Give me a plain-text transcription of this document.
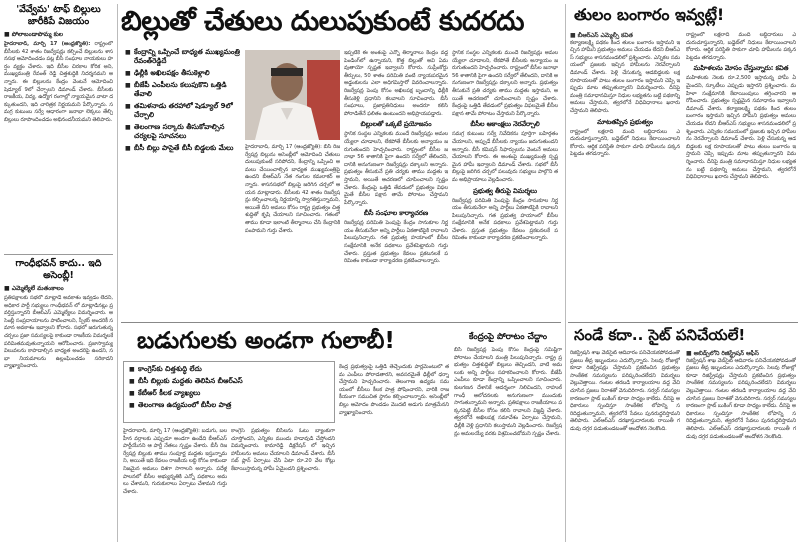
'వేవ్వేమ' టాఫ్ బిల్లులు జారీకిపే విజయం
■ పోలాబండాపొమ్మ కుల
హైదరాబాద్, మార్చి 17 (ఆంధ్రజ్యోతి): రాష్ట్రంలో బీసీలకు 42 శాతం రిజర్వేషన్లు కల్పించే బిల్లులను శాసనసభ ఆమోదించడం పట్ల బీసీ సంఘాల నాయకులు హర్షం వ్యక్తం చేశారు. ఇది బీసీల చిరకాల కోరిక అని, ముఖ్యమంత్రి రేవంత్ రెడ్డి చిత్తశుద్ధికి నిదర్శనమని అన్నారు. ఈ బిల్లులను కేంద్రం వెంటనే ఆమోదించి షెడ్యూల్ 9లో చేర్చాలని డిమాండ్ చేశారు. బీసీలకు రాజకీయ, విద్య, ఉద్యోగ రంగాల్లో న్యాయమైన వాటా దక్కుతుందని, ఇది చారిత్రక నిర్ణయమని పేర్కొన్నారు. సమగ్ర కుటుంబ సర్వే ఆధారంగా జనాభా లెక్కలు తేల్చి బిల్లులు రూపొందించడం అభినందనీయమని తెలిపారు.
గాంధీభవన్ కాదు.. ఇది అసెంబ్లీ!
■ ఎమ్మెల్యేలే మతంకాలం
ప్రతిపక్షాలకు సభలో మాట్లాడే అవకాశం ఇవ్వడం లేదని, అధికార పార్టీ సభ్యులు గాంధీభవన్ లో మాట్లాడినట్లు ప్రవర్తిస్తున్నారని బీఆర్ఎస్ ఎమ్మెల్యేలు విమర్శించారు. అసెంబ్లీ సంప్రదాయాలను పాటించాలని, స్పీకర్ అందరికీ సమాన అవకాశం ఇవ్వాలని కోరారు. సభలో జరుగుతున్న చర్చలు ప్రజా సమస్యలపై కాకుండా రాజకీయ విమర్శలకే పరిమితమవుతున్నాయని ఆరోపించారు. ప్రజాస్వామ్య విలువలను కాపాడాల్సిన బాధ్యత అందరిపై ఉందని, సభా నియమాలను ఉల్లంఘించడం సరికాదని వ్యాఖ్యానించారు.
బిల్లుతో చేతులు దులుపుకుంటే కుదరదు
■ కేంద్రాన్ని ఒప్పించే బాధ్యత ముఖ్యమంత్రి రేవంత్‌రెడ్డిదే
■ ఢిల్లీకి అఖిలపక్షం తీసుకెళ్లాలి
■ బీజేపీ ఎంపీలను కలుపుకొని ఒత్తిడి తేవాలి
■ తమిళనాడు తరహాలో షెడ్యూల్ 9లో చేర్చాలి
■ తెలంగాణ సర్కారు తీసుకోవాల్సిన చర్యలపై సూచనలు
■ బీసీ బిల్లు పాసైతే బీసీ బిడ్డలకు మేలు	హైదరాబాద్, మార్చి 17 (ఆంధ్రజ్యోతి): బీసీ రిజర్వేషన్ల బిల్లును అసెంబ్లీలో ఆమోదించి చేతులు దులుపుకుంటే సరిపోదని, కేంద్రాన్ని ఒప్పించి అమలు చేయించాల్సిన బాధ్యత ముఖ్యమంత్రిపై ఉందని బీఆర్ఎస్ నేత గంగుల కమలాకర్ అన్నారు. శాసనసభలో బిల్లుపై జరిగిన చర్చలో ఆయన మాట్లాడారు. బీసీలకు 42 శాతం రిజర్వేషన్లు కల్పించాలన్న నిర్ణయాన్ని స్వాగతిస్తున్నామని, అయితే దీని అమలు కోసం రాష్ట్ర ప్రభుత్వం చిత్తశుద్ధితో కృషి చేయాలని సూచించారు. గతంలో తాము కూడా ఇలాంటి తీర్మానాలు చేసి కేంద్రానికి పంపామని గుర్తు చేశారు.
ఇప్పటికే ఈ అంశంపై ఎన్నో తీర్మానాలు కేంద్రం వద్ద పెండింగ్‌లో ఉన్నాయని, కొత్త బిల్లుతో అవి ఏమవుతాయో స్పష్టత ఇవ్వాలని కోరారు. సుప్రీంకోర్టు తీర్పులు, 50 శాతం పరిమితి వంటి న్యాయపరమైన అడ్డంకులను ఎలా అధిగమిస్తారో వివరించాలన్నారు. రిజర్వేషన్ల పెంపు కోసం అఖిలపక్ష బృందాన్ని ఢిల్లీకి తీసుకెళ్లి ప్రధానిని కలవాలని సూచించారు. బీసీ సంఘాలు, ప్రజాప్రతినిధులు అందరూ కలిసి పోరాడితేనే ఫలితం ఉంటుందని అభిప్రాయపడ్డారు.
బిల్లులతో ఒక్కటే ప్రయోజనం
స్థానిక సంస్థల ఎన్నికలకు ముందే రిజర్వేషన్లు అమలయ్యేలా చూడాలని, లేకపోతే బీసీలకు అన్యాయం జరుగుతుందని హెచ్చరించారు. రాష్ట్రంలో బీసీల జనాభా 56 శాతానికి పైగా ఉందని సర్వేలో తేలిందని, దానికి అనుగుణంగా రిజర్వేషన్లు దక్కాలని అన్నారు. ప్రభుత్వం తీసుకునే ప్రతి చర్యకు తాము మద్దతు ఇస్తామని, అయితే ఆచరణలో చూపించాలని స్పష్టం చేశారు. కేంద్రంపై ఒత్తిడి తేవడంలో ప్రభుత్వం విఫలమైతే బీసీల పక్షాన తామే పోరాటం చేస్తామని పేర్కొన్నారు.
బీసీ సంఘాల కార్యాచరణ
రిజర్వేషన్ల పరిమితి పెంపుపై కేంద్రం సానుకూల నిర్ణయం తీసుకునేలా అన్ని పార్టీలు ఏకతాటిపైకి రావాలని పిలుపునిచ్చారు. గత ప్రభుత్వ హయాంలో బీసీల సంక్షేమానికి అనేక పథకాలు ప్రవేశపెట్టామని గుర్తు చేశారు. ప్రస్తుత ప్రభుత్వం కేవలం ప్రకటనలకే పరిమితం కాకుండా కార్యాచరణ ప్రకటించాలన్నారు.
స్థానిక సంస్థల ఎన్నికలకు ముందే రిజర్వేషన్లు అమలయ్యేలా చూడాలని, లేకపోతే బీసీలకు అన్యాయం జరుగుతుందని హెచ్చరించారు. రాష్ట్రంలో బీసీల జనాభా 56 శాతానికి పైగా ఉందని సర్వేలో తేలిందని, దానికి అనుగుణంగా రిజర్వేషన్లు దక్కాలని అన్నారు. ప్రభుత్వం తీసుకునే ప్రతి చర్యకు తాము మద్దతు ఇస్తామని, అయితే ఆచరణలో చూపించాలని స్పష్టం చేశారు. కేంద్రంపై ఒత్తిడి తేవడంలో ప్రభుత్వం విఫలమైతే బీసీల పక్షాన తామే పోరాటం చేస్తామని పేర్కొన్నారు.
బీసీల ఆకాంక్షలు నెరవేర్చాలి
సమగ్ర కుటుంబ సర్వే నివేదికను పూర్తిగా బహిర్గతం చేయాలని, అప్పుడే బీసీలకు న్యాయం జరుగుతుందని అన్నారు. బీసీ కమిషన్ సిఫార్సులను వెంటనే అమలు చేయాలని కోరారు. ఈ అంశంపై ముఖ్యమంత్రి స్పష్టమైన హామీ ఇవ్వాలని డిమాండ్ చేశారు. సభలో బీసీ బిల్లుపై జరిగిన చర్చలో పలువురు సభ్యులు పాల్గొని తమ అభిప్రాయాలు వెల్లడించారు.
ప్రభుత్వ తీరుపై విమర్శలు
రిజర్వేషన్ల పరిమితి పెంపుపై కేంద్రం సానుకూల నిర్ణయం తీసుకునేలా అన్ని పార్టీలు ఏకతాటిపైకి రావాలని పిలుపునిచ్చారు. గత ప్రభుత్వ హయాంలో బీసీల సంక్షేమానికి అనేక పథకాలు ప్రవేశపెట్టామని గుర్తు చేశారు. ప్రస్తుత ప్రభుత్వం కేవలం ప్రకటనలకే పరిమితం కాకుండా కార్యాచరణ ప్రకటించాలన్నారు.
బడుగులకు అండగా గులాబీ!
■ కాంగ్రెస్‌కు చిత్తశుద్ధి లేదు
■ బీసీ బిల్లుకు మద్దతు తెలిపిన బీఆర్ఎస్
■ కేటీఆర్ కీలక వ్యాఖ్యలు
■ తెలంగాణ ఉద్యమంలో బీసీల పాత్ర
హైదరాబాద్, మార్చి 17 (ఆంధ్రజ్యోతి): బడుగు, బలహీన వర్గాలకు ఎప్పుడూ అండగా ఉండేది బీఆర్ఎస్ పార్టీయేనని ఆ పార్టీ నేతలు స్పష్టం చేశారు. బీసీ రిజర్వేషన్ల బిల్లుకు తాము సంపూర్ణ మద్దతు ఇస్తున్నామని, అయితే ఇది కేవలం రాజకీయ లబ్ధి కోసం కాకుండా నిజమైన అమలు దిశగా సాగాలని అన్నారు. పదేళ్ల పాలనలో బీసీల అభ్యున్నతికి ఎన్నో పథకాలు అమలు చేశామని, గురుకులాలు ఏర్పాటు చేశామని గుర్తు చేశారు.
కాంగ్రెస్ ప్రభుత్వం బీసీలను ఓటు బ్యాంకుగా చూస్తోందని, ఎన్నికల ముందు హడావుడి చేస్తోందని విమర్శించారు. కామారెడ్డి డిక్లరేషన్ లో ఇచ్చిన హామీలను అమలు చేయాలని డిమాండ్ చేశారు. బీసీ సబ్ ప్లాన్ ఏర్పాటు చేసి ఏటా రూ.20 వేల కోట్లు కేటాయిస్తామన్న హామీ ఏమైందని ప్రశ్నించారు.
కేంద్ర ప్రభుత్వంపై ఒత్తిడి తెచ్చేందుకు పార్లమెంటులో తమ ఎంపీలు పోరాడతారని, అవసరమైతే ఢిల్లీలో ధర్నా చేస్తామని హెచ్చరించారు. తెలంగాణ ఉద్యమ సమయంలో బీసీలు కీలక పాత్ర పోషించారని, వారికి రాజకీయంగా సముచిత స్థానం కల్పించాలన్నారు. అసెంబ్లీలో బిల్లు ఆమోదం పొందడం మొదటి అడుగు మాత్రమేనని వ్యాఖ్యానించారు.
కేంద్రంపై పోరాటం చేద్దాం
బీసీ రిజర్వేషన్ల పెంపు కోసం కేంద్రంపై సమిష్టిగా పోరాటం చేయాలని మంత్రి పిలుపునిచ్చారు. రాష్ట్ర ప్రభుత్వం చిత్తశుద్ధితో బిల్లులు తెచ్చిందని, వాటి అమలుకు అన్ని పార్టీలు సహకరించాలని కోరారు. బీజేపీ ఎంపీలు కూడా కేంద్రాన్ని ఒప్పించాలని సూచించారు. కులగణన దేశానికే ఆదర్శంగా నిలిచిందని, రాహుల్ గాంధీ ఆలోచనలకు అనుగుణంగా ముందుకు సాగుతున్నామని అన్నారు. ప్రతిపక్షాలు రాజకీయాలు పక్కనపెట్టి బీసీల కోసం కలిసి రావాలని విజ్ఞప్తి చేశారు. త్వరలోనే అఖిలపక్ష సమావేశం ఏర్పాటు చేస్తామని, ఢిల్లీకి వెళ్లి ప్రధానిని కలుస్తామని వెల్లడించారు. రిజర్వేషన్లు అమలయ్యే వరకు విశ్రమించబోమని స్పష్టం చేశారు.
తులం బంగారం ఇవ్వట్లే!
■ బీఆర్ఎస్ ఎమ్మెల్సీ కవిత
కల్యాణలక్ష్మి పథకం కింద తులం బంగారం ఇస్తామని ఇచ్చిన హామీని ప్రభుత్వం అమలు చేయడం లేదని బీఆర్ఎస్ సభ్యులు శాసనమండలిలో ప్రశ్నించారు. ఎన్నికల సమయంలో ప్రజలకు ఇచ్చిన హామీలను నెరవేర్చాలని డిమాండ్ చేశారు. పెళ్లి చేసుకున్న ఆడబిడ్డలకు లక్ష రూపాయలతో పాటు తులం బంగారం ఇస్తామని చెప్పి ఇప్పుడు మాట తప్పుతున్నారని విమర్శించారు. దీనిపై మంత్రి సమాధానమిస్తూ నిధుల లభ్యతను బట్టి పథకాన్ని అమలు చేస్తామని, త్వరలోనే విధివిధానాలు ఖరారు చేస్తామని తెలిపారు.
మాటతప్పిన ప్రభుత్వం
రాష్ట్రంలో లక్షలాది మంది లబ్ధిదారులు ఎదురుచూస్తున్నారని, బడ్జెట్‌లో నిధులు కేటాయించాలని కోరారు. ఆర్థిక పరిస్థితి సాకుగా చూపి హామీలను పక్కనపెట్టడం తగదన్నారు.
రాష్ట్రంలో లక్షలాది మంది లబ్ధిదారులు ఎదురుచూస్తున్నారని, బడ్జెట్‌లో నిధులు కేటాయించాలని కోరారు. ఆర్థిక పరిస్థితి సాకుగా చూపి హామీలను పక్కనపెట్టడం తగదన్నారు.
మహిళలను మోసం చేస్తున్నారు: కవిత
మహిళలకు నెలకు రూ.2,500 ఇస్తామన్న హామీ ఏమైందని, స్కూటీలు ఎప్పుడు ఇస్తారని ప్రశ్నించారు. మహిళా సంక్షేమానికి కేటాయింపులు తగ్గించారని ఆరోపించారు. ప్రభుత్వం స్పష్టమైన సమాధానం ఇవ్వాలని డిమాండ్ చేశారు. కల్యాణలక్ష్మి పథకం కింద తులం బంగారం ఇస్తామని ఇచ్చిన హామీని ప్రభుత్వం అమలు చేయడం లేదని బీఆర్ఎస్ సభ్యులు శాసనమండలిలో ప్రశ్నించారు. ఎన్నికల సమయంలో ప్రజలకు ఇచ్చిన హామీలను నెరవేర్చాలని డిమాండ్ చేశారు. పెళ్లి చేసుకున్న ఆడబిడ్డలకు లక్ష రూపాయలతో పాటు తులం బంగారం ఇస్తామని చెప్పి ఇప్పుడు మాట తప్పుతున్నారని విమర్శించారు. దీనిపై మంత్రి సమాధానమిస్తూ నిధుల లభ్యతను బట్టి పథకాన్ని అమలు చేస్తామని, త్వరలోనే విధివిధానాలు ఖరారు చేస్తామని తెలిపారు.
సండే కదా.. సైట్ పనిచేయలే!
రిజిస్ట్రేషన్ శాఖ వెబ్‌సైట్ ఆదివారం పనిచేయకపోవడంతో ప్రజలు తీవ్ర ఇబ్బందులు ఎదుర్కొన్నారు. సెలవు రోజుల్లో కూడా రిజిస్ట్రేషన్లు చేస్తామని ప్రకటించిన ప్రభుత్వం సాంకేతిక సమస్యలను పరిష్కరించలేదని విమర్శలు వెల్లువెత్తాయి. గంటల తరబడి కార్యాలయాల వద్ద వేచి చూసిన ప్రజలు నిరాశతో వెనుదిరిగారు. సర్వర్ సమస్యల కారణంగా స్లాట్ బుకింగ్ కూడా సాధ్యం కాలేదు. దీనిపై అధికారులు స్పందిస్తూ సాంకేతిక లోపాన్ని సరిదిద్దుతున్నామని, త్వరలోనే సేవలు పునరుద్ధరిస్తామని తెలిపారు. ఎల్ఆర్ఎస్ దరఖాస్తుదారులకు రాయితీ గడువు దగ్గర పడుతుండటంతో ఆందోళన నెలకొంది.
■ అబిడ్స్‌లోని రిజిస్ట్రేషన్ ఆఫీస్
రిజిస్ట్రేషన్ శాఖ వెబ్‌సైట్ ఆదివారం పనిచేయకపోవడంతో ప్రజలు తీవ్ర ఇబ్బందులు ఎదుర్కొన్నారు. సెలవు రోజుల్లో కూడా రిజిస్ట్రేషన్లు చేస్తామని ప్రకటించిన ప్రభుత్వం సాంకేతిక సమస్యలను పరిష్కరించలేదని విమర్శలు వెల్లువెత్తాయి. గంటల తరబడి కార్యాలయాల వద్ద వేచి చూసిన ప్రజలు నిరాశతో వెనుదిరిగారు. సర్వర్ సమస్యల కారణంగా స్లాట్ బుకింగ్ కూడా సాధ్యం కాలేదు. దీనిపై అధికారులు స్పందిస్తూ సాంకేతిక లోపాన్ని సరిదిద్దుతున్నామని, త్వరలోనే సేవలు పునరుద్ధరిస్తామని తెలిపారు. ఎల్ఆర్ఎస్ దరఖాస్తుదారులకు రాయితీ గడువు దగ్గర పడుతుండటంతో ఆందోళన నెలకొంది.
